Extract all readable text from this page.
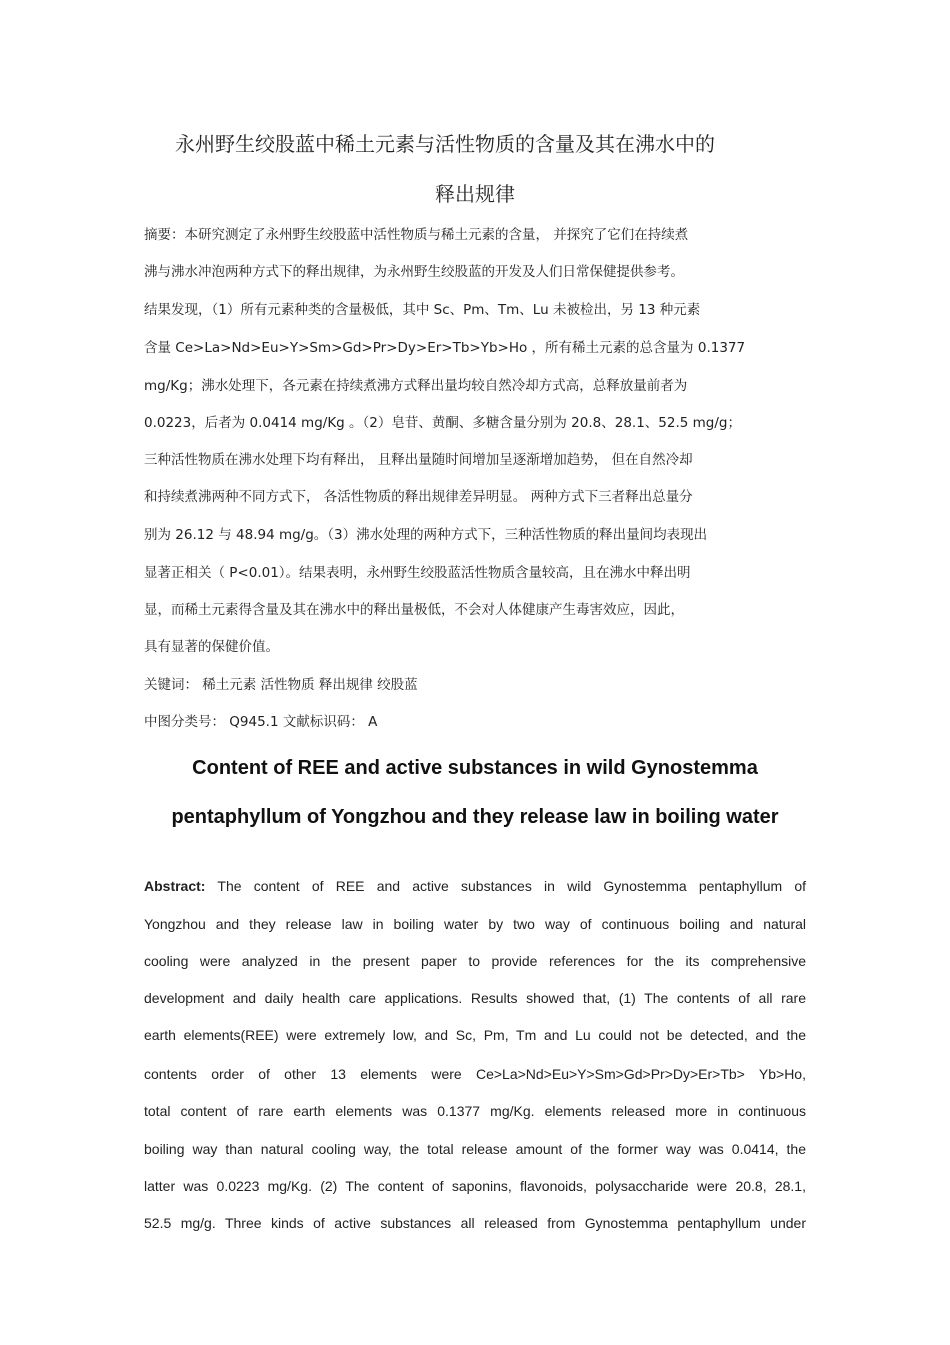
永州野生绞股蓝中稀土元素与活性物质的含量及其在沸水中的
释出规律
摘要：本研究测定了永州野生绞股蓝中活性物质与稀土元素的含量， 并探究了它们在持续煮
沸与沸水冲泡两种方式下的释出规律，为永州野生绞股蓝的开发及人们日常保健提供参考。
结果发现，（1）所有元素种类的含量极低，其中 Sc、Pm、Tm、Lu 未被检出，另 13 种元素
含量 Ce>La>Nd>Eu>Y>Sm>Gd>Pr>Dy>Er>Tb>Yb>Ho ，所有稀土元素的总含量为 0.1377
mg/Kg；沸水处理下，各元素在持续煮沸方式释出量均较自然冷却方式高，总释放量前者为
0.0223，后者为 0.0414 mg/Kg 。（2）皂苷、黄酮、多糖含量分别为 20.8、28.1、52.5 mg/g；
三种活性物质在沸水处理下均有释出， 且释出量随时间增加呈逐渐增加趋势， 但在自然冷却
和持续煮沸两种不同方式下， 各活性物质的释出规律差异明显。 两种方式下三者释出总量分
别为 26.12 与 48.94 mg/g。（3）沸水处理的两种方式下，三种活性物质的释出量间均表现出
显著正相关（ P<0.01）。结果表明，永州野生绞股蓝活性物质含量较高，且在沸水中释出明
显，而稀土元素得含量及其在沸水中的释出量极低，不会对人体健康产生毒害效应，因此，
具有显著的保健价值。
关键词： 稀土元素 活性物质 释出规律 绞股蓝
中图分类号： Q945.1 文献标识码： A
Content of REE and active substances in wild Gynostemma
pentaphyllum of Yongzhou and they release law in boiling water
Abstract: The content of REE and active substances in wild Gynostemma pentaphyllum of
Yongzhou and they release law in boiling water by two way of continuous boiling and natural
cooling were analyzed in the present paper to provide references for the its comprehensive
development and daily health care applications. Results showed that, (1) The contents of all rare
earth elements(REE) were extremely low, and Sc, Pm, Tm and Lu could not be detected, and the
contents order of other 13 elements were Ce>La>Nd>Eu>Y>Sm>Gd>Pr>Dy>Er>Tb> Yb>Ho,
total content of rare earth elements was 0.1377 mg/Kg. elements released more in continuous
boiling way than natural cooling way, the total release amount of the former way was 0.0414, the
latter was 0.0223 mg/Kg. (2) The content of saponins, flavonoids, polysaccharide were 20.8, 28.1,
52.5 mg/g. Three kinds of active substances all released from Gynostemma pentaphyllum under
